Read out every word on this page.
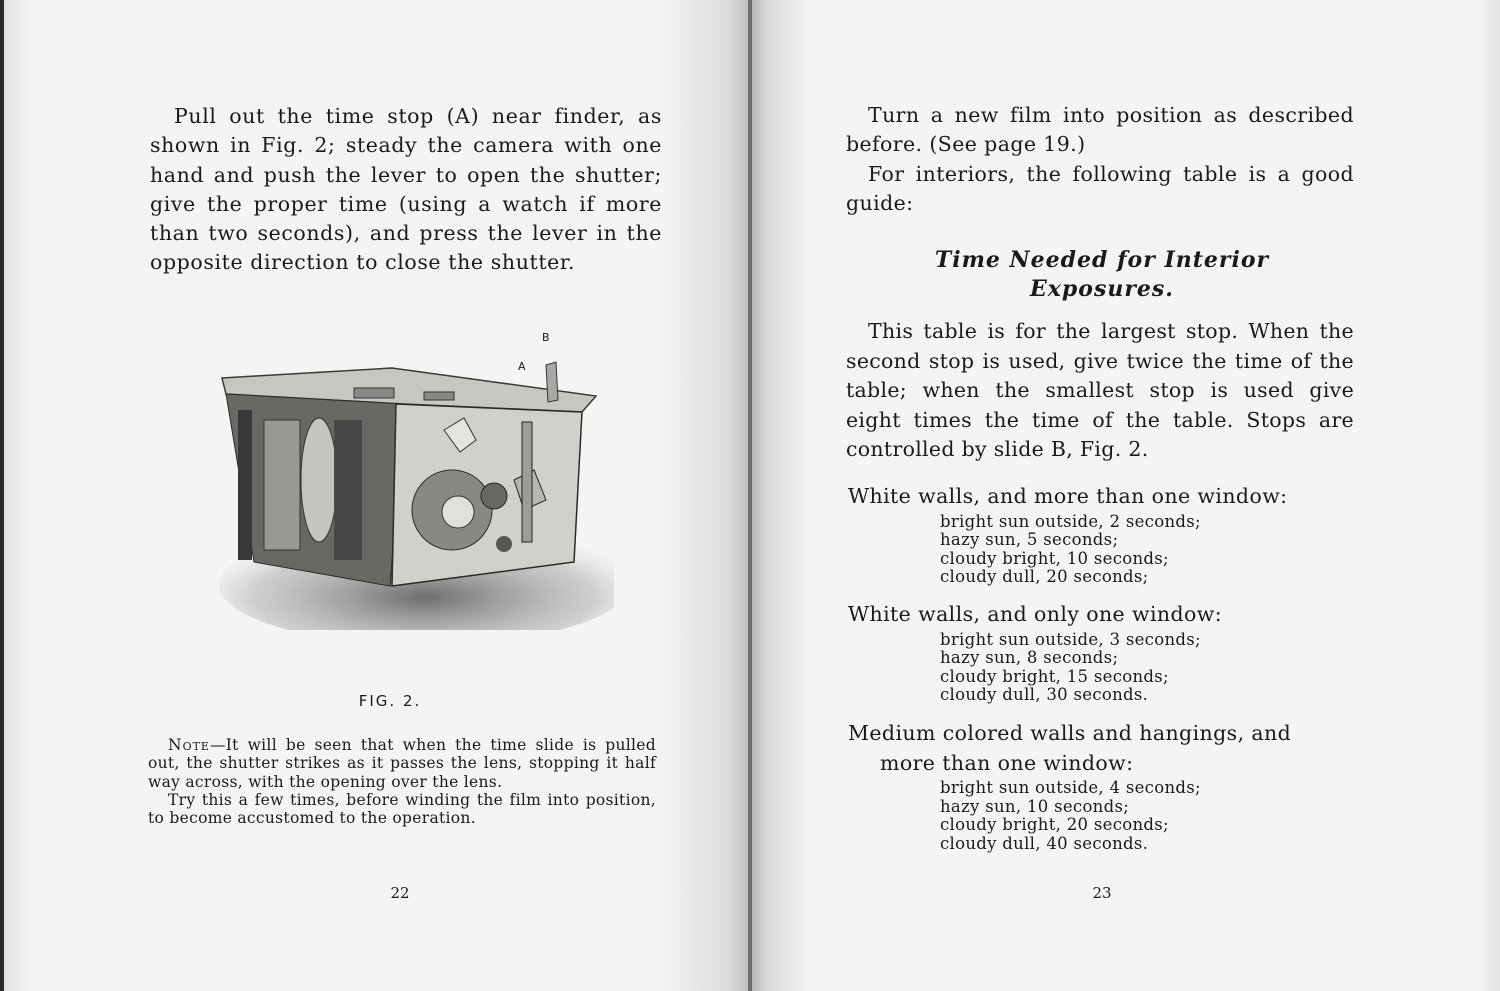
Pull out the time stop (A) near finder, as shown in Fig. 2; steady the camera with one hand and push the lever to open the shutter; give the proper time (using a watch if more than two seconds), and press the lever in the opposite direction to close the shutter.

B
A
FIG. 2.

Note—It will be seen that when the time slide is pulled out, the shutter strikes as it passes the lens, stopping it half way across, with the opening over the lens.

Try this a few times, before winding the film into position, to become accustomed to the operation.

22

Turn a new film into position as described before. (See page 19.)

For interiors, the following table is a good guide:

Time Needed for Interior
Exposures.

This table is for the largest stop. When the second stop is used, give twice the time of the table; when the smallest stop is used give eight times the time of the table. Stops are controlled by slide B, Fig. 2.

White walls, and more than one window:
bright sun outside, 2 seconds;
hazy sun, 5 seconds;
cloudy bright, 10 seconds;
cloudy dull, 20 seconds;
White walls, and only one window:
bright sun outside, 3 seconds;
hazy sun, 8 seconds;
cloudy bright, 15 seconds;
cloudy dull, 30 seconds.
Medium colored walls and hangings, and
more than one window:
bright sun outside, 4 seconds;
hazy sun, 10 seconds;
cloudy bright, 20 seconds;
cloudy dull, 40 seconds.
23
